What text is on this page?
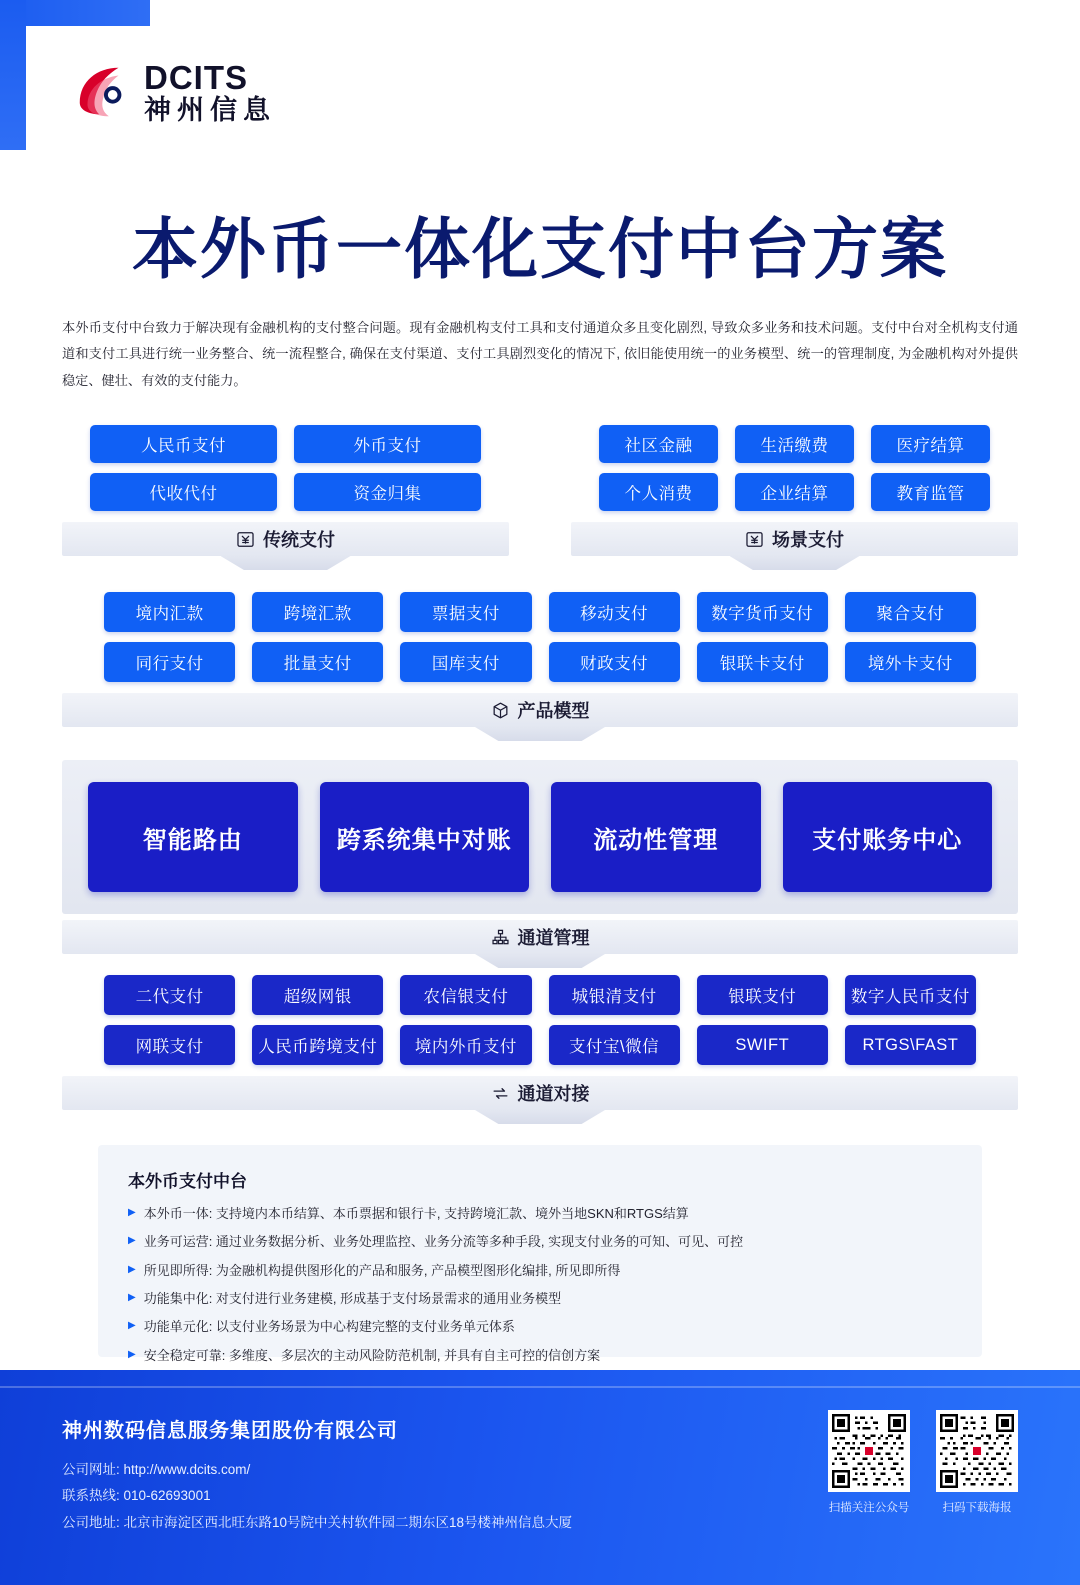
DCITS
神州信息
本外币一体化支付中台方案
本外币支付中台致力于解决现有金融机构的支付整合问题。现有金融机构支付工具和支付通道众多且变化剧烈, 导致众多业务和技术问题。支付中台对全机构支付通道和支付工具进行统一业务整合、统一流程整合, 确保在支付渠道、支付工具剧烈变化的情况下, 依旧能使用统一的业务模型、统一的管理制度, 为金融机构对外提供稳定、健壮、有效的支付能力。
人民币支付	外币支付
代收代付	资金归集
传统支付
社区金融	生活缴费	医疗结算
个人消费	企业结算	教育监管
场景支付
境内汇款	跨境汇款	票据支付	移动支付	数字货币支付	聚合支付
同行支付	批量支付	国库支付	财政支付	银联卡支付	境外卡支付
产品模型
智能路由	跨系统集中对账	流动性管理	支付账务中心
通道管理
二代支付	超级网银	农信银支付	城银清支付	银联支付	数字人民币支付
网联支付	人民币跨境支付	境内外币支付	支付宝\微信	SWIFT	RTGS\FAST
通道对接
本外币支付中台
▶ 本外币一体: 支持境内本币结算、本币票据和银行卡, 支持跨境汇款、境外当地SKN和RTGS结算
▶ 业务可运营: 通过业务数据分析、业务处理监控、业务分流等多种手段, 实现支付业务的可知、可见、可控
▶ 所见即所得: 为金融机构提供图形化的产品和服务, 产品模型图形化编排, 所见即所得
▶ 功能集中化: 对支付进行业务建模, 形成基于支付场景需求的通用业务模型
▶ 功能单元化: 以支付业务场景为中心构建完整的支付业务单元体系
▶ 安全稳定可靠: 多维度、多层次的主动风险防范机制, 并具有自主可控的信创方案
神州数码信息服务集团股份有限公司
公司网址: http://www.dcits.com/
联系热线: 010-62693001
公司地址: 北京市海淀区西北旺东路10号院中关村软件园二期东区18号楼神州信息大厦
扫描关注公众号	扫码下载海报
